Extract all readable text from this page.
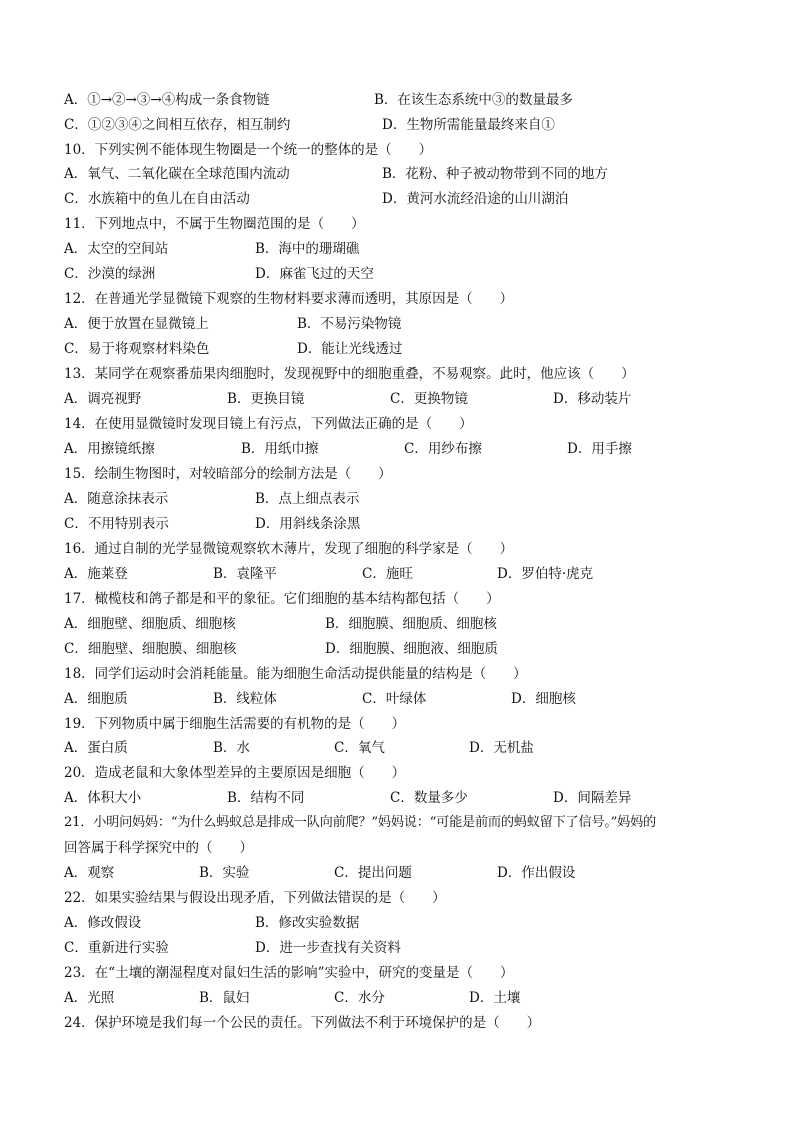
A．①→②→③→④构成一条食物链	B．在该生态系统中③的数量最多
C．①②③④之间相互依存，相互制约	D．生物所需能量最终来自①
10．下列实例不能体现生物圈是一个统一的整体的是（　　）
A．氧气、二氧化碳在全球范围内流动	B．花粉、种子被动物带到不同的地方
C．水族箱中的鱼儿在自由活动	D．黄河水流经沿途的山川湖泊
11．下列地点中，不属于生物圈范围的是（　　）
A．太空的空间站	B．海中的珊瑚礁
C．沙漠的绿洲	D．麻雀飞过的天空
12．在普通光学显微镜下观察的生物材料要求薄而透明，其原因是（　　）
A．便于放置在显微镜上	B．不易污染物镜
C．易于将观察材料染色	D．能让光线透过
13．某同学在观察番茄果肉细胞时，发现视野中的细胞重叠，不易观察。此时，他应该（　　）
A．调亮视野	B．更换目镜	C．更换物镜	D．移动装片
14．在使用显微镜时发现目镜上有污点，下列做法正确的是（　　）
A．用擦镜纸擦	B．用纸巾擦	C．用纱布擦	D．用手擦
15．绘制生物图时，对较暗部分的绘制方法是（　　）
A．随意涂抹表示	B．点上细点表示
C．不用特别表示	D．用斜线条涂黑
16．通过自制的光学显微镜观察软木薄片，发现了细胞的科学家是（　　）
A．施莱登	B．袁隆平	C．施旺	D．罗伯特·虎克
17．橄榄枝和鸽子都是和平的象征。它们细胞的基本结构都包括（　　）
A．细胞壁、细胞质、细胞核	B．细胞膜、细胞质、细胞核
C．细胞壁、细胞膜、细胞核	D．细胞膜、细胞液、细胞质
18．同学们运动时会消耗能量。能为细胞生命活动提供能量的结构是（　　）
A．细胞质	B．线粒体	C．叶绿体	D．细胞核
19．下列物质中属于细胞生活需要的有机物的是（　　）
A．蛋白质	B．水	C．氧气	D．无机盐
20．造成老鼠和大象体型差异的主要原因是细胞（　　）
A．体积大小	B．结构不同	C．数量多少	D．间隔差异
21．小明问妈妈：“为什么蚂蚁总是排成一队向前爬？”妈妈说：“可能是前而的蚂蚁留下了信号。”妈妈的
回答属于科学探究中的（　　）
A．观察	B．实验	C．提出问题	D．作出假设
22．如果实验结果与假设出现矛盾，下列做法错误的是（　　）
A．修改假设	B．修改实验数据
C．重新进行实验	D．进一步查找有关资料
23．在“土壤的潮湿程度对鼠妇生活的影响”实验中，研究的变量是（　　）
A．光照	B．鼠妇	C．水分	D．土壤
24．保护环境是我们每一个公民的责任。下列做法不利于环境保护的是（　　）
